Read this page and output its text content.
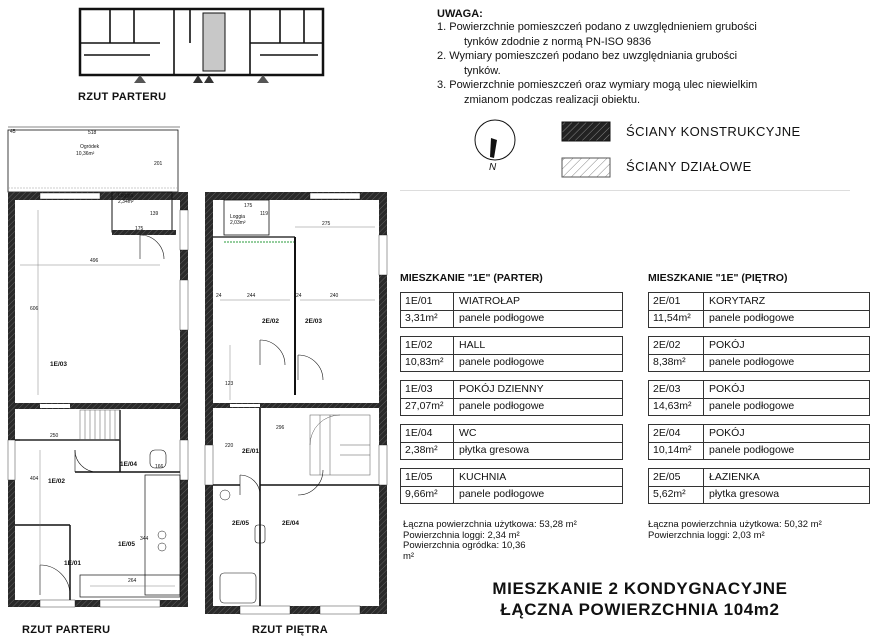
RZUT PARTERU
UWAGA:
1. Powierzchnie pomieszczeń podano z uwzględnieniem grubości
tynków zdodnie z normą PN-ISO 9836
2. Wymiary pomieszczeń podano bez uwzględniania grubości
tynków.
3. Powierzchnie pomieszczeń oraz wymiary mogą ulec niewielkim
zmianom podczas realizacji obiektu.
N
ŚCIANY KONSTRUKCYJNE
ŚCIANY DZIAŁOWE
1E/03
1E/02
1E/04
1E/05
1E/01
Ogródek
10,36m²
Loggia
2,34m²
518
45
201
175
496
606
139
250
404
344
264
166
RZUT PARTERU
2E/02	2E/03
2E/01
2E/05	2E/04
Loggia
2,03m²
175
119
275
244	240
24	24
123
220
296
RZUT PIĘTRA
MIESZKANIE "1E" (PARTER)
1E/01	WIATROŁAP
3,31m² panele podłogowe
1E/02	HALL
10,83m² panele podłogowe
1E/03	POKÓJ DZIENNY
27,07m² panele podłogowe
1E/04	WC
2,38m² płytka gresowa
1E/05	KUCHNIA
9,66m² panele podłogowe
Łączna powierzchnia użytkowa: 53,28 m²
Powierzchnia loggi: 2,34 m²
Powierzchnia ogródka: 10,36
m²
MIESZKANIE "1E" (PIĘTRO)
2E/01	KORYTARZ
11,54m² panele podłogowe
2E/02	POKÓJ
8,38m² panele podłogowe
2E/03	POKÓJ
14,63m² panele podłogowe
2E/04	POKÓJ
10,14m² panele podłogowe
2E/05	ŁAZIENKA
5,62m² płytka gresowa
Łączna powierzchnia użytkowa: 50,32 m²
Powierzchnia loggi: 2,03 m²
MIESZKANIE 2 KONDYGNACYJNE
ŁĄCZNA POWIERZCHNIA 104m2
